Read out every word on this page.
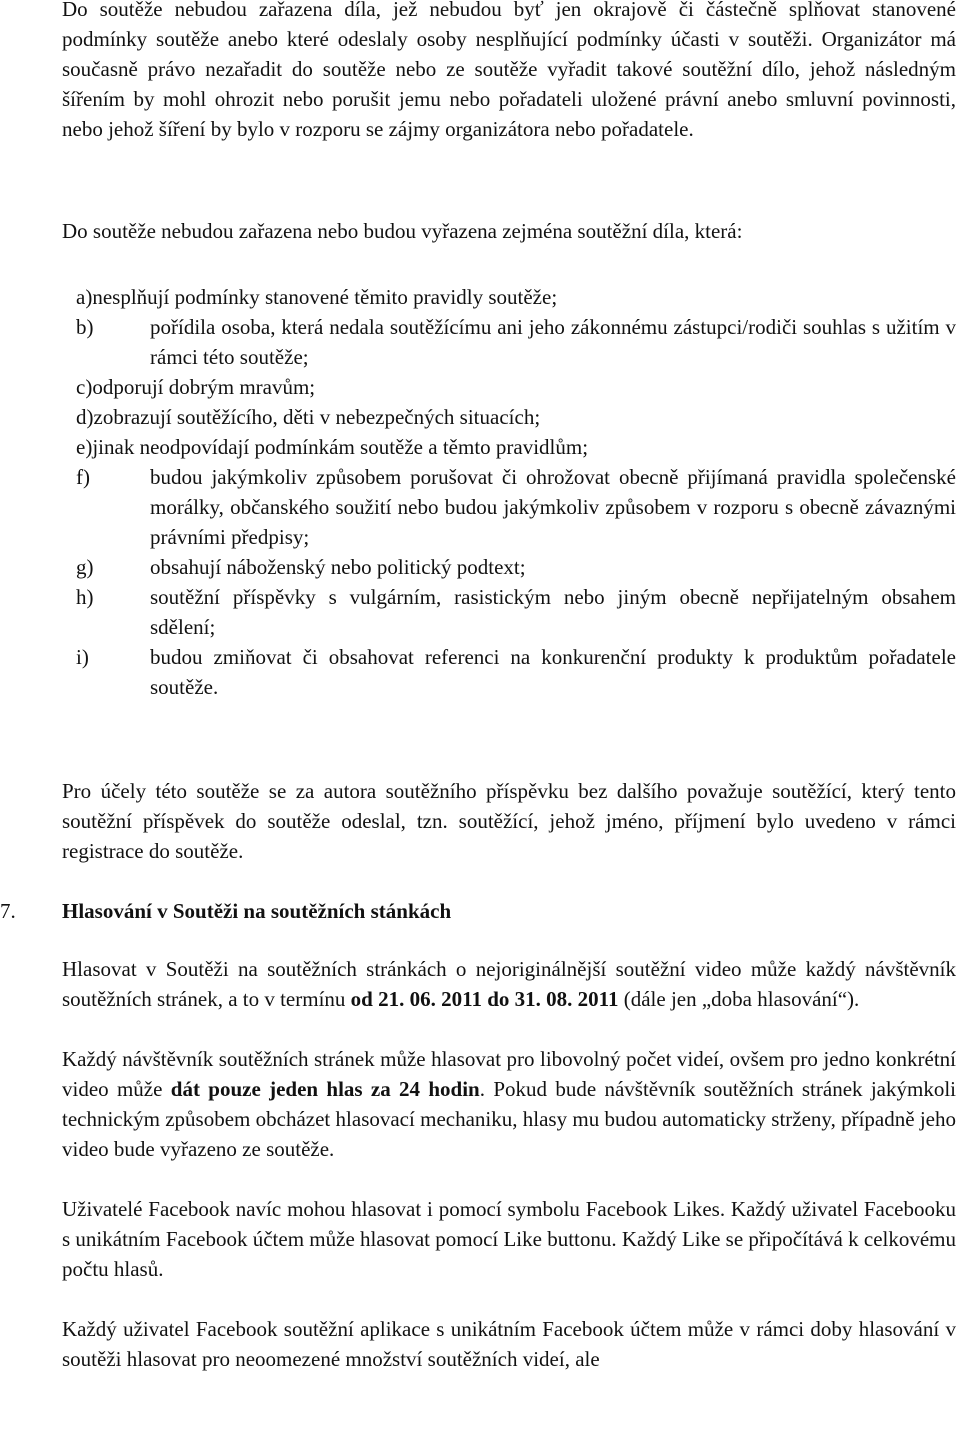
Do soutěže nebudou zařazena díla, jež nebudou byť jen okrajově či částečně splňovat stanovené podmínky soutěže anebo které odeslaly osoby nesplňující podmínky účasti v soutěži. Organizátor má současně právo nezařadit do soutěže nebo ze soutěže vyřadit takové soutěžní dílo, jehož následným šířením by mohl ohrozit nebo porušit jemu nebo pořadateli uložené právní anebo smluvní povinnosti, nebo jehož šíření by bylo v rozporu se zájmy organizátora nebo pořadatele.

Do soutěže nebudou zařazena nebo budou vyřazena zejména soutěžní díla, která:

a) nesplňují podmínky stanovené těmito pravidly soutěže;
b)	pořídila osoba, která nedala soutěžícímu ani jeho zákonnému zástupci/rodiči souhlas s užitím v rámci této soutěže;
c) odporují dobrým mravům;
d) zobrazují soutěžícího, děti v nebezpečných situacích;
e) jinak neodpovídají podmínkám soutěže a těmto pravidlům;
f)	budou jakýmkoliv způsobem porušovat či ohrožovat obecně přijímaná pravidla společenské morálky, občanského soužití nebo budou jakýmkoliv způsobem v rozporu s obecně závaznými právními předpisy;
g)	obsahují náboženský nebo politický podtext;
h)	soutěžní příspěvky s vulgárním, rasistickým nebo jiným obecně nepřijatelným obsahem sdělení;
i)	budou zmiňovat či obsahovat referenci na konkurenční produkty k produktům pořadatele soutěže.

Pro účely této soutěže se za autora soutěžního příspěvku bez dalšího považuje soutěžící, který tento soutěžní příspěvek do soutěže odeslal, tzn. soutěžící, jehož jméno, příjmení bylo uvedeno v rámci registrace do soutěže.

7. Hlasování v Soutěži na soutěžních stánkách

Hlasovat v Soutěži na soutěžních stránkách o nejoriginálnější soutěžní video může každý návštěvník soutěžních stránek, a to v termínu od 21. 06. 2011 do 31. 08. 2011 (dále jen „doba hlasování“).

Každý návštěvník soutěžních stránek může hlasovat pro libovolný počet videí, ovšem pro jedno konkrétní video může dát pouze jeden hlas za 24 hodin. Pokud bude návštěvník soutěžních stránek jakýmkoli technickým způsobem obcházet hlasovací mechaniku, hlasy mu budou automaticky strženy, případně jeho video bude vyřazeno ze soutěže.

Uživatelé Facebook navíc mohou hlasovat i pomocí symbolu Facebook Likes. Každý uživatel Facebooku s unikátním Facebook účtem může hlasovat pomocí Like buttonu. Každý Like se připočítává k celkovému počtu hlasů.

Každý uživatel Facebook soutěžní aplikace s unikátním Facebook účtem může v rámci doby hlasování v soutěži hlasovat pro neoomezené množství soutěžních videí, ale
